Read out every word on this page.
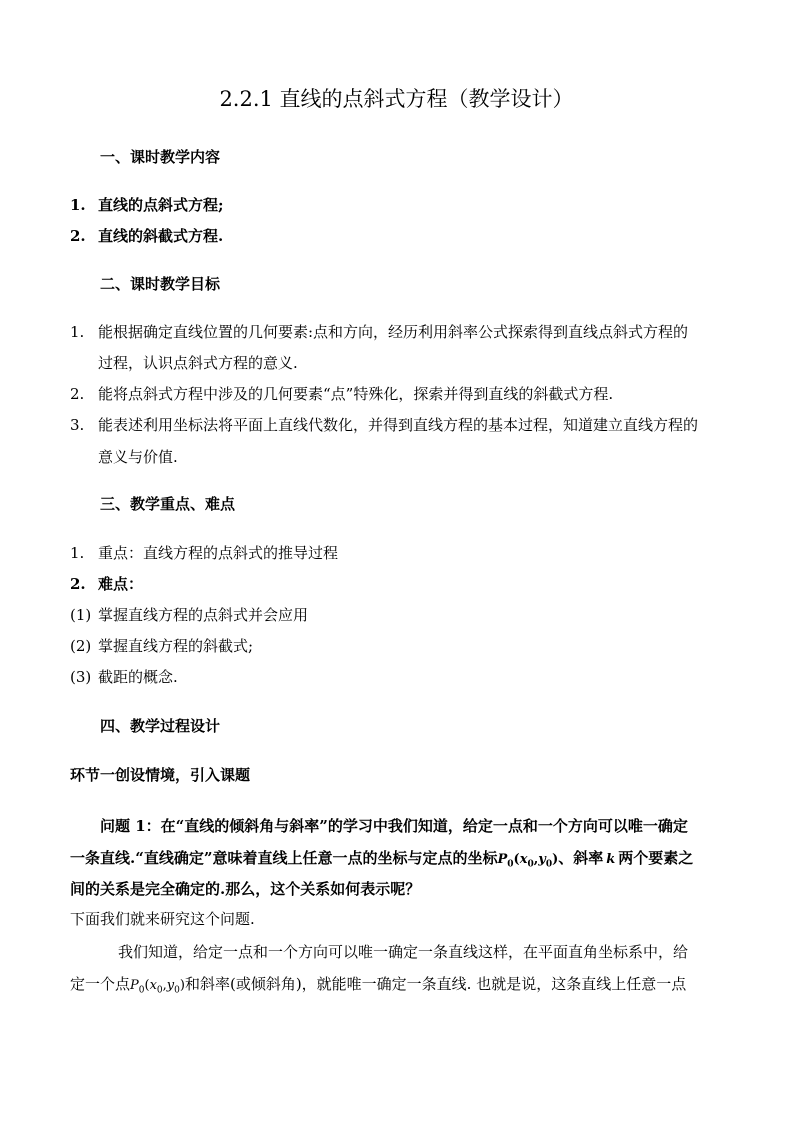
2.2.1 直线的点斜式方程（教学设计）
一、课时教学内容
1. 直线的点斜式方程;
2. 直线的斜截式方程.
二、课时教学目标
1. 能根据确定直线位置的几何要素:点和方向，经历利用斜率公式探索得到直线点斜式方程的
过程，认识点斜式方程的意义.
2. 能将点斜式方程中涉及的几何要素“点”特殊化，探索并得到直线的斜截式方程.
3. 能表述利用坐标法将平面上直线代数化，并得到直线方程的基本过程，知道建立直线方程的
意义与价值.
三、教学重点、难点
1. 重点：直线方程的点斜式的推导过程
2. 难点：
(1) 掌握直线方程的点斜式并会应用
(2) 掌握直线方程的斜截式;
(3) 截距的概念.
四、教学过程设计
环节一创设情境，引入课题
问题 1：在“直线的倾斜角与斜率”的学习中我们知道，给定一点和一个方向可以唯一确定
一条直线.“直线确定”意味着直线上任意一点的坐标与定点的坐标$P_0(x_0,y_0)$、斜率 k 两个要素之
间的关系是完全确定的.那么，这个关系如何表示呢？
下面我们就来研究这个问题.
我们知道，给定一点和一个方向可以唯一确定一条直线这样，在平面直角坐标系中，给
定一个点$P_0(x_0,y_0)$和斜率(或倾斜角)，就能唯一确定一条直线. 也就是说，这条直线上任意一点
